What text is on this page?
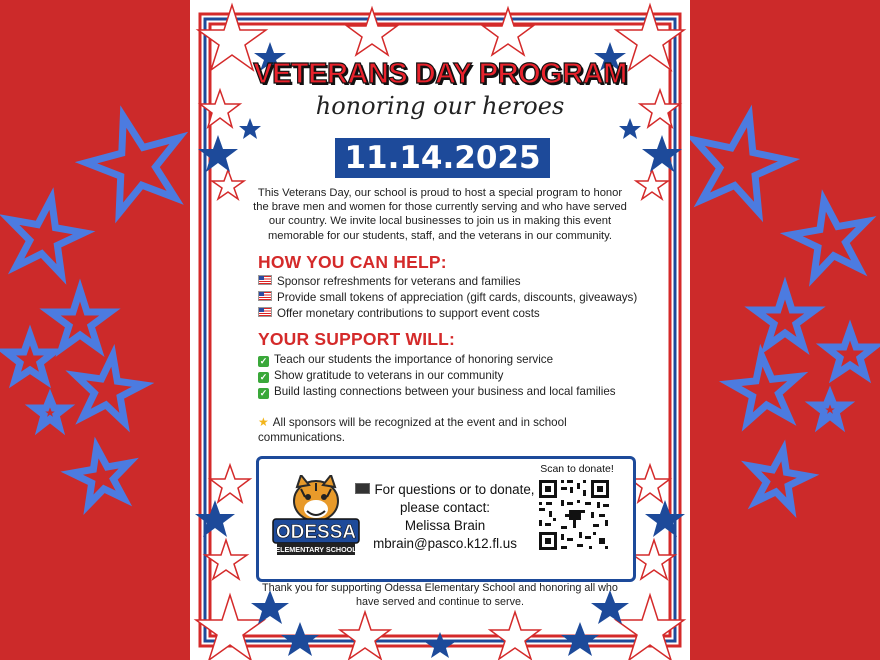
VETERANS DAY PROGRAM
honoring our heroes
11.14.2025
This Veterans Day, our school is proud to host a special program to honor the brave men and women for those currently serving and who have served our country. We invite local businesses to join us in making this event memorable for our students, staff, and the veterans in our community.
HOW YOU CAN HELP:
Sponsor refreshments for veterans and families
Provide small tokens of appreciation (gift cards, discounts, giveaways)
Offer monetary contributions to support event costs
YOUR SUPPORT WILL:
✓ Teach our students the importance of honoring service
✓ Show gratitude to veterans in our community
✓ Build lasting connections between your business and local families
★ All sponsors will be recognized at the event and in school communications.
ODESSA
ELEMENTARY SCHOOL
For questions or to donate,
please contact:
Melissa Brain
mbrain@pasco.k12.fl.us
Scan to donate!
Thank you for supporting Odessa Elementary School and honoring all who have served and continue to serve.
